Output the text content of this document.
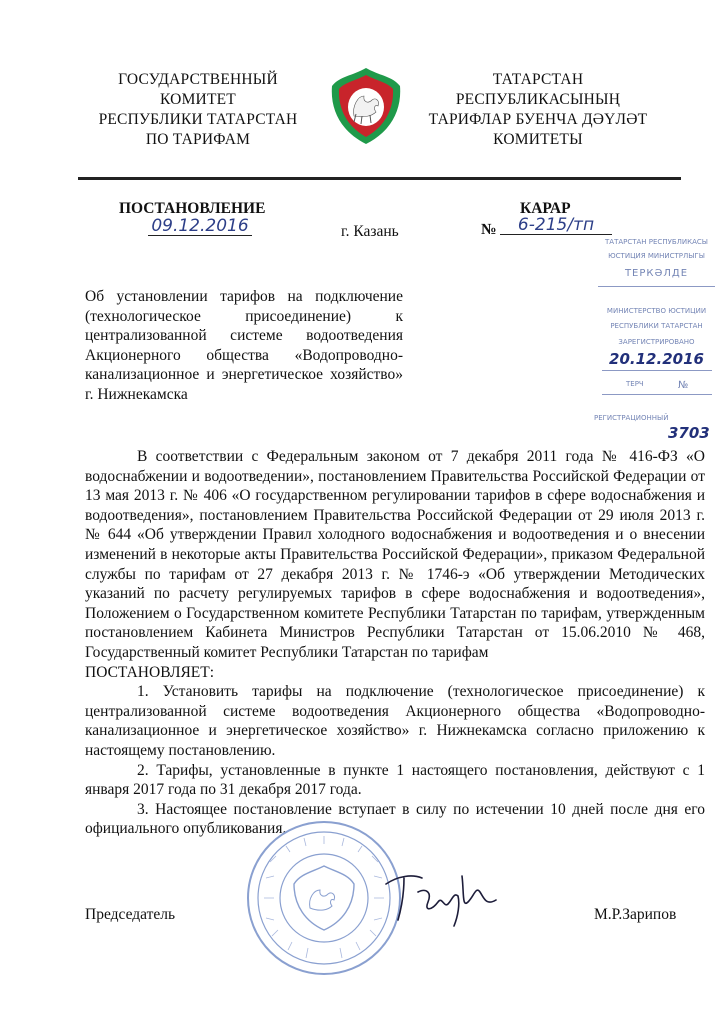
ГОСУДАРСТВЕННЫЙ
КОМИТЕТ
РЕСПУБЛИКИ ТАТАРСТАН
ПО ТАРИФАМ
ТАТАРСТАН
РЕСПУБЛИКАСЫНЫҢ
ТАРИФЛАР БУЕНЧА ДӘҮЛӘТ
КОМИТЕТЫ
ПОСТАНОВЛЕНИЕ	КАРАР
09.12.2016	г. Казань	№	6-215/тп
ТАТАРСТАН РЕСПУБЛИКАСЫ
ЮСТИЦИЯ МИНИСТРЛЫГЫ
ТЕРКӘЛДЕ
МИНИСТЕРСТВО ЮСТИЦИИ
РЕСПУБЛИКИ ТАТАРСТАН
ЗАРЕГИСТРИРОВАНО
20.12.2016
ТЕРЧ	№
РЕГИСТРАЦИОННЫЙ
3703
Об установлении тарифов на подключение (технологическое присоединение) к централизованной системе водоотведения Акционерного общества «Водопроводно-канализационное и энергетическое хозяйство» г. Нижнекамска
В соответствии с Федеральным законом от 7 декабря 2011 года № 416-ФЗ «О водоснабжении и водоотведении», постановлением Правительства Российской Федерации от 13 мая 2013 г. № 406 «О государственном регулировании тарифов в сфере водоснабжения и водоотведения», постановлением Правительства Российской Федерации от 29 июля 2013 г. № 644 «Об утверждении Правил холодного водоснабжения и водоотведения и о внесении изменений в некоторые акты Правительства Российской Федерации», приказом Федеральной службы по тарифам от 27 декабря 2013 г. № 1746-э «Об утверждении Методических указаний по расчету регулируемых тарифов в сфере водоснабжения и водоотведения», Положением о Государственном комитете Республики Татарстан по тарифам, утвержденным постановлением Кабинета Министров Республики Татарстан от 15.06.2010 № 468, Государственный комитет Республики Татарстан по тарифам
ПОСТАНОВЛЯЕТ:
1. Установить тарифы на подключение (технологическое присоединение) к централизованной системе водоотведения Акционерного общества «Водопроводно-канализационное и энергетическое хозяйство» г. Нижнекамска согласно приложению к настоящему постановлению.
2. Тарифы, установленные в пункте 1 настоящего постановления, действуют с 1 января 2017 года по 31 декабря 2017 года.
3. Настоящее постановление вступает в силу по истечении 10 дней после дня его официального опубликования.
Председатель	М.Р.Зарипов
